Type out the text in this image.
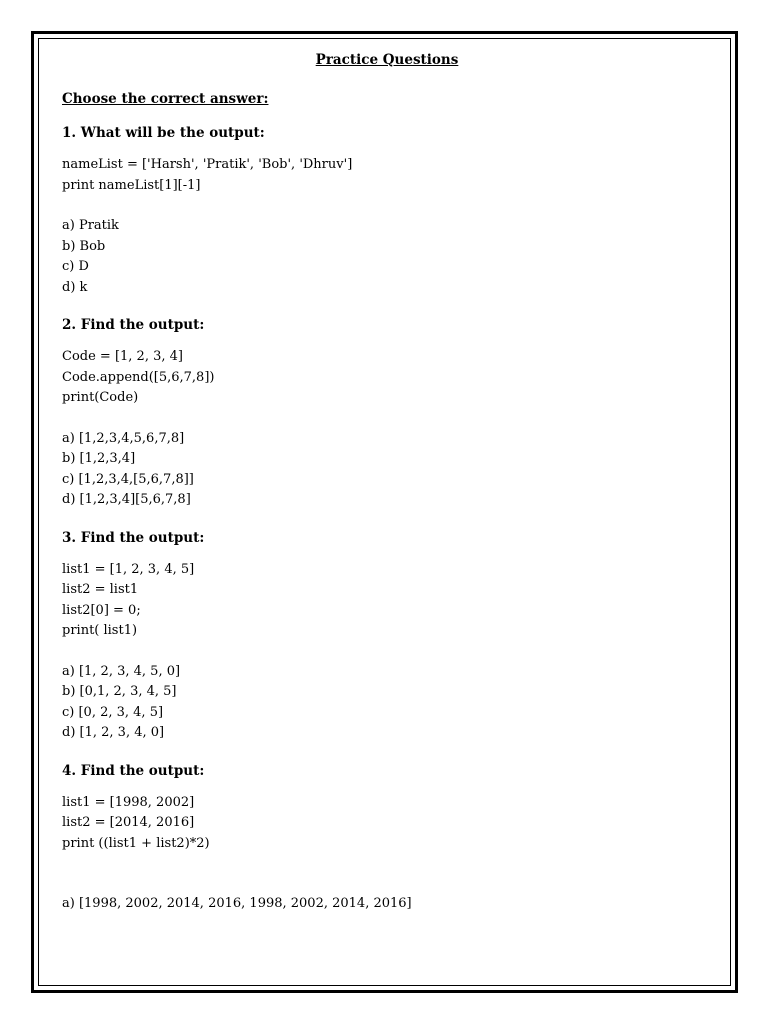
Practice Questions
Choose the correct answer:
1. What will be the output:
nameList = ['Harsh', 'Pratik', 'Bob', 'Dhruv']
print nameList[1][-1]
a) Pratik
b) Bob
c) D
d) k
2. Find the output:
Code = [1, 2, 3, 4]
Code.append([5,6,7,8])
print(Code)
a) [1,2,3,4,5,6,7,8]
b) [1,2,3,4]
c) [1,2,3,4,[5,6,7,8]]
d) [1,2,3,4][5,6,7,8]
3. Find the output:
list1 = [1, 2, 3, 4, 5]
list2 = list1
list2[0] = 0;
print( list1)
a) [1, 2, 3, 4, 5, 0]
b) [0,1, 2, 3, 4, 5]
c) [0, 2, 3, 4, 5]
d) [1, 2, 3, 4, 0]
4. Find the output:
list1 = [1998, 2002]
list2 = [2014, 2016]
print ((list1 + list2)*2)
a) [1998, 2002, 2014, 2016, 1998, 2002, 2014, 2016]
